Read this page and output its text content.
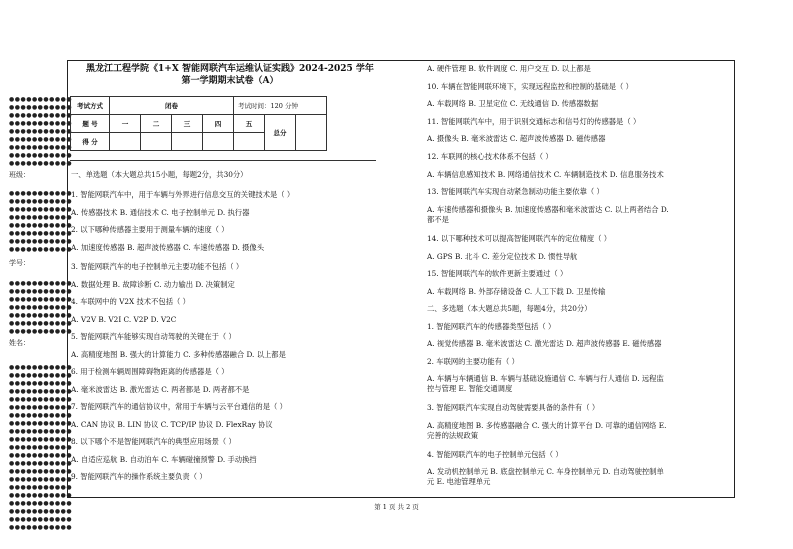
●●●●●●●●●●●
●●●●●●●●●●●
●●●●●●●●●●●
●●●●●●●●●●●
●●●●●●●●●●●
●●●●●●●●●●●
●●●●●●●●●●●
●●●●●●●●●●●
●●●●●●●●●●●
●●●●●●●●●●●
●●●●●●●●●●●
●●●●●●●●●●●
●●●●●●●●●●●
●●●●●●●●●●●
●●●●●●●●●●●
●●●●●●●●●●●
●●●●●●●●●●●
●●●●●●●●●●●
●●●●●●●●●●●
●●●●●●●●●●●
●●●●●●●●●●●
●●●●●●●●●●●
●●●●●●●●●●●
●●●●●●●●●●●
●●●●●●●●●●●
●●●●●●●●●●●
●●●●●●●●●●●
●●●●●●●●●●●
●●●●●●●●●●●
●●●●●●●●●●●
●●●●●●●●●●●
●●●●●●●●●●●
●●●●●●●●●●●
●●●●●●●●●●●
●●●●●●●●●●●
●●●●●●●●●●●
●●●●●●●●●●●
●●●●●●●●●●●
●●●●●●●●●●●
●●●●●●●●●●●
●●●●●●●●●●●
●●●●●●●●●●●
●●●●●●●●●●●
●●●●●●●●●●●
●●●●●●●●●●●
班级：
学号：
姓名：
黑龙江工程学院《1+X 智能网联汽车运维认证实践》2024-2025 学年
第一学期期末试卷（A）
考试方式	闭卷				考试时间：120 分钟		
题 号	一	二	三	四	五	总分	
得 分							
一、单选题（本大题总共15小题，每题2分，共30分）
1. 智能网联汽车中，用于车辆与外界进行信息交互的关键技术是（ ）
A. 传感器技术 B. 通信技术 C. 电子控制单元 D. 执行器
2. 以下哪种传感器主要用于测量车辆的速度（ ）
A. 加速度传感器 B. 超声波传感器 C. 车速传感器 D. 摄像头
3. 智能网联汽车的电子控制单元主要功能不包括（ ）
A. 数据处理 B. 故障诊断 C. 动力输出 D. 决策制定
4. 车联网中的 V2X 技术不包括（ ）
A. V2V B. V2I C. V2P D. V2C
5. 智能网联汽车能够实现自动驾驶的关键在于（ ）
A. 高精度地图 B. 强大的计算能力 C. 多种传感器融合 D. 以上都是
6. 用于检测车辆周围障碍物距离的传感器是（ ）
A. 毫米波雷达 B. 激光雷达 C. 两者都是 D. 两者都不是
7. 智能网联汽车的通信协议中，常用于车辆与云平台通信的是（ ）
A. CAN 协议 B. LIN 协议 C. TCP/IP 协议 D. FlexRay 协议
8. 以下哪个不是智能网联汽车的典型应用场景（ ）
A. 自适应巡航 B. 自动泊车 C. 车辆碰撞预警 D. 手动换挡
9. 智能网联汽车的操作系统主要负责（ ）
A. 硬件管理 B. 软件调度 C. 用户交互 D. 以上都是
10. 车辆在智能网联环境下，实现远程监控和控制的基础是（ ）
A. 车载网络 B. 卫星定位 C. 无线通信 D. 传感器数据
11. 智能网联汽车中，用于识别交通标志和信号灯的传感器是（ ）
A. 摄像头 B. 毫米波雷达 C. 超声波传感器 D. 磁传感器
12. 车联网的核心技术体系不包括（ ）
A. 车辆信息感知技术 B. 网络通信技术 C. 车辆制造技术 D. 信息服务技术
13. 智能网联汽车实现自动紧急制动功能主要依靠（ ）
A. 车速传感器和摄像头 B. 加速度传感器和毫米波雷达 C. 以上两者结合 D.
都不是
14. 以下哪种技术可以提高智能网联汽车的定位精度（ ）
A. GPS B. 北斗 C. 差分定位技术 D. 惯性导航
15. 智能网联汽车的软件更新主要通过（ ）
A. 车载网络 B. 外部存储设备 C. 人工下载 D. 卫星传输
二、多选题（本大题总共5题，每题4分，共20分）
1. 智能网联汽车的传感器类型包括（ ）
A. 视觉传感器 B. 毫米波雷达 C. 激光雷达 D. 超声波传感器 E. 磁传感器
2. 车联网的主要功能有（ ）
A. 车辆与车辆通信 B. 车辆与基础设施通信 C. 车辆与行人通信 D. 远程监
控与管理 E. 智能交通调度
3. 智能网联汽车实现自动驾驶需要具备的条件有（ ）
A. 高精度地图 B. 多传感器融合 C. 强大的计算平台 D. 可靠的通信网络 E.
完善的法规政策
4. 智能网联汽车的电子控制单元包括（ ）
A. 发动机控制单元 B. 底盘控制单元 C. 车身控制单元 D. 自动驾驶控制单
元 E. 电池管理单元
第 1 页 共 2 页
